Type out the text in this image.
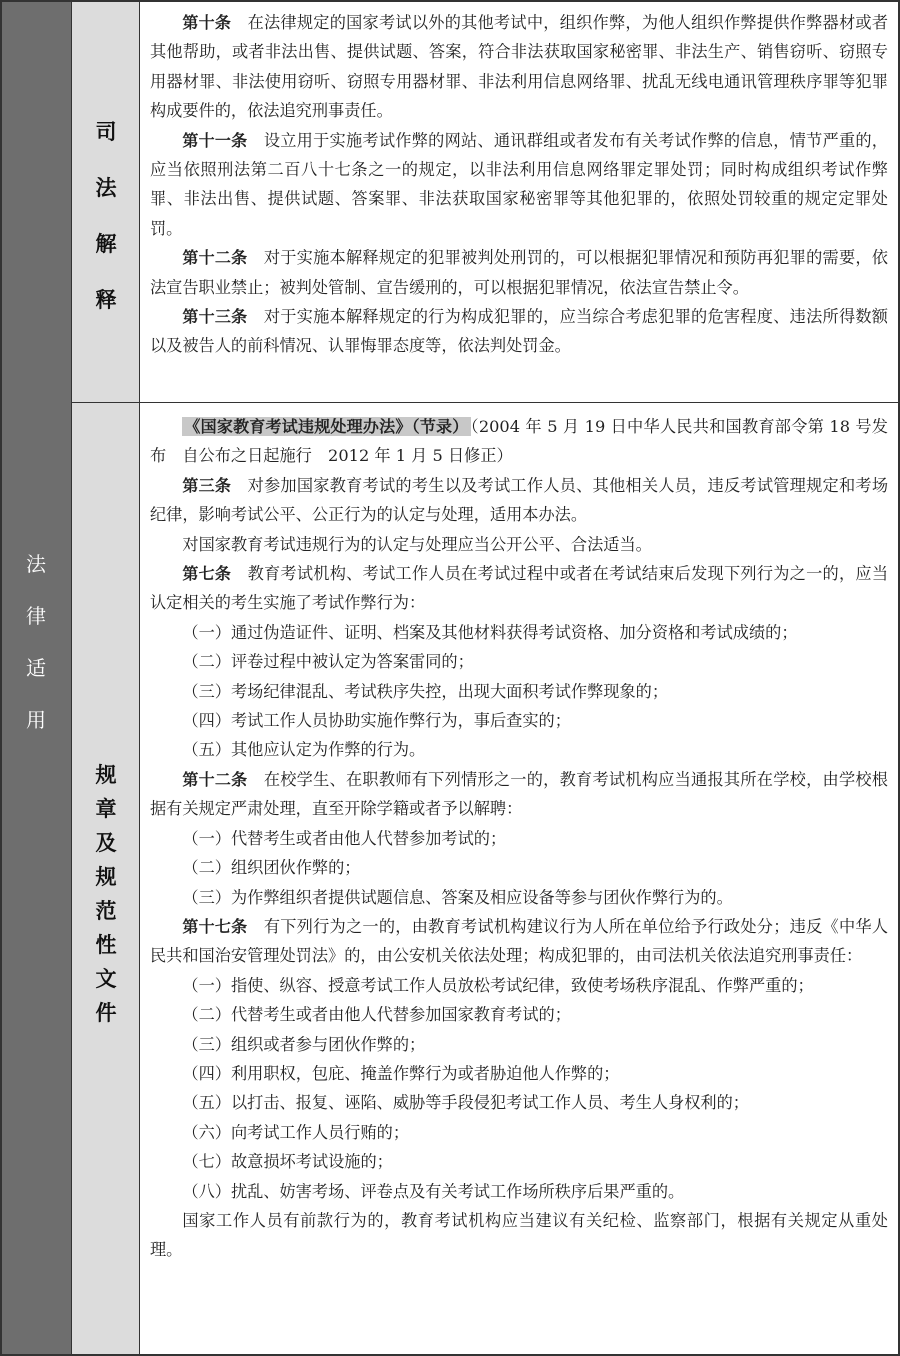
法
律
适
用
司
法
解
释
规
章
及
规
范
性
文
件

第十条　 在法律规定的国家考试以外的其他考试中，组织作弊，为他人组织作弊提供作弊器材或者其他帮助，或者非法出售、提供试题、答案，符合非法获取国家秘密罪、非法生产、销售窃听、窃照专用器材罪、非法使用窃听、窃照专用器材罪、非法利用信息网络罪、扰乱无线电通讯管理秩序罪等犯罪构成要件的，依法追究刑事责任。

第十一条　 设立用于实施考试作弊的网站、通讯群组或者发布有关考试作弊的信息，情节严重的，应当依照刑法第二百八十七条之一的规定，以非法利用信息网络罪定罪处罚；同时构成组织考试作弊罪、非法出售、提供试题、答案罪、非法获取国家秘密罪等其他犯罪的，依照处罚较重的规定定罪处罚。

第十二条　 对于实施本解释规定的犯罪被判处刑罚的，可以根据犯罪情况和预防再犯罪的需要，依法宣告职业禁止；被判处管制、宣告缓刑的，可以根据犯罪情况，依法宣告禁止令。

第十三条　 对于实施本解释规定的行为构成犯罪的，应当综合考虑犯罪的危害程度、违法所得数额以及被告人的前科情况、认罪悔罪态度等，依法判处罚金。

《国家教育考试违规处理办法》（节录） （2004 年 5 月 19 日中华人民共和国教育部令第 18 号发布　自公布之日起施行　2012 年 1 月 5 日修正）

第三条　 对参加国家教育考试的考生以及考试工作人员、其他相关人员，违反考试管理规定和考场纪律，影响考试公平、公正行为的认定与处理，适用本办法。

对国家教育考试违规行为的认定与处理应当公开公平、合法适当。

第七条　 教育考试机构、考试工作人员在考试过程中或者在考试结束后发现下列行为之一的，应当认定相关的考生实施了考试作弊行为：

（一）通过伪造证件、证明、档案及其他材料获得考试资格、加分资格和考试成绩的；

（二）评卷过程中被认定为答案雷同的；

（三）考场纪律混乱、考试秩序失控，出现大面积考试作弊现象的；

（四）考试工作人员协助实施作弊行为，事后查实的；

（五）其他应认定为作弊的行为。

第十二条　 在校学生、在职教师有下列情形之一的，教育考试机构应当通报其所在学校，由学校根据有关规定严肃处理，直至开除学籍或者予以解聘：

（一）代替考生或者由他人代替参加考试的；

（二）组织团伙作弊的；

（三）为作弊组织者提供试题信息、答案及相应设备等参与团伙作弊行为的。

第十七条　 有下列行为之一的，由教育考试机构建议行为人所在单位给予行政处分；违反《中华人民共和国治安管理处罚法》的，由公安机关依法处理；构成犯罪的，由司法机关依法追究刑事责任：

（一）指使、纵容、授意考试工作人员放松考试纪律，致使考场秩序混乱、作弊严重的；

（二）代替考生或者由他人代替参加国家教育考试的；

（三）组织或者参与团伙作弊的；

（四）利用职权，包庇、掩盖作弊行为或者胁迫他人作弊的；

（五）以打击、报复、诬陷、威胁等手段侵犯考试工作人员、考生人身权利的；

（六）向考试工作人员行贿的；

（七）故意损坏考试设施的；

（八）扰乱、妨害考场、评卷点及有关考试工作场所秩序后果严重的。

国家工作人员有前款行为的，教育考试机构应当建议有关纪检、监察部门，根据有关规定从重处理。
